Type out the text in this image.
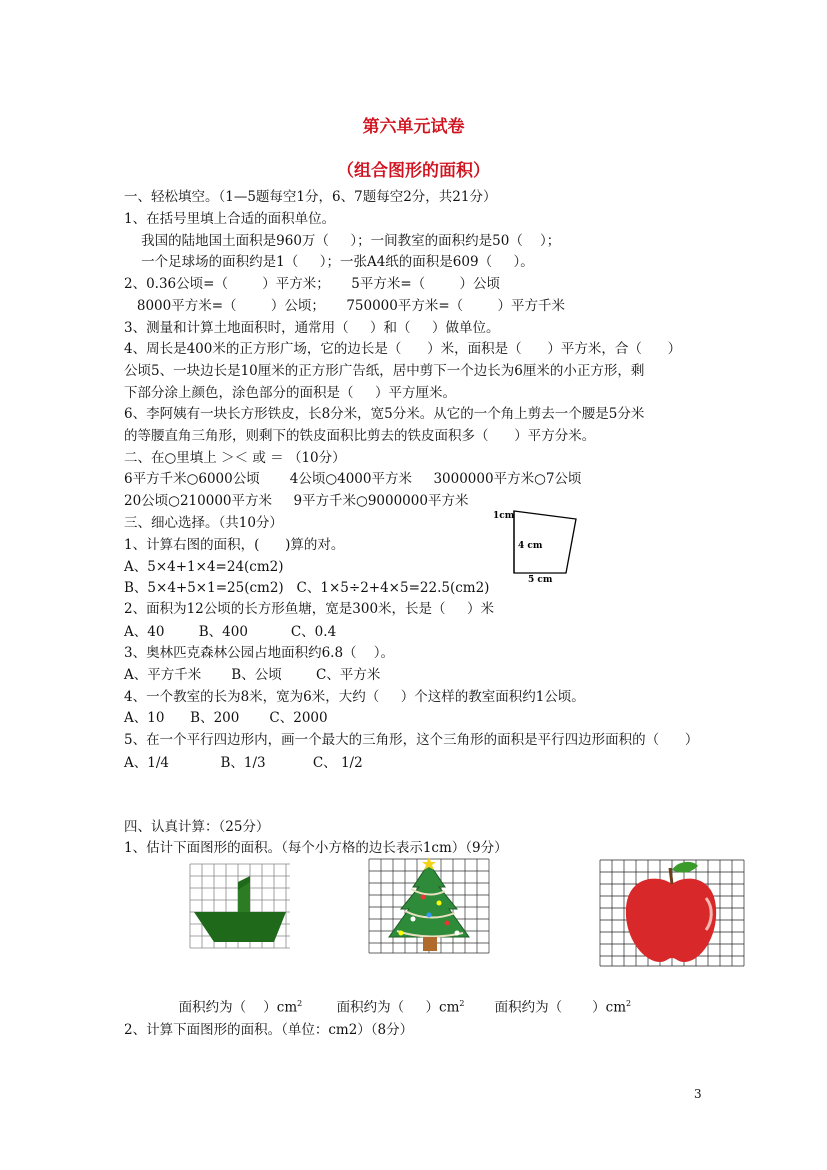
第六单元试卷
（组合图形的面积）
一、轻松填空。（1—5题每空1分，6、7题每空2分，共21分）
1、在括号里填上合适的面积单位。
我国的陆地国土面积是960万（     ）；一间教室的面积约是50（    ）；
一个足球场的面积约是1（     ）；一张A4纸的面积是609（     ）。
2、0.36公顷=（        ）平方米；     5平方米=（        ）公顷
8000平方米=（        ）公顷；     750000平方米=（        ）平方千米
3、测量和计算土地面积时，通常用（     ）和（     ）做单位。
4、周长是400米的正方形广场，它的边长是（      ）米，面积是（      ）平方米，合（      ）
公顷5、一块边长是10厘米的正方形广告纸，居中剪下一个边长为6厘米的小正方形，剩
下部分涂上颜色，涂色部分的面积是（     ）平方厘米。
6、李阿姨有一块长方形铁皮，长8分米，宽5分米。从它的一个角上剪去一个腰是5分米
的等腰直角三角形，则剩下的铁皮面积比剪去的铁皮面积多（      ）平方分米。
二、在○里填上 ＞＜ 或 ＝ （10分）
6平方千米○6000公顷       4公顷○4000平方米     3000000平方米○7公顷
20公顷○210000平方米     9平方千米○9000000平方米
三、细心选择。（共10分）
1、计算右图的面积，(      )算的对。
A、5×4+1×4=24(cm2)
B、5×4+5×1=25(cm2)   C、1×5÷2+4×5=22.5(cm2)
2、面积为12公顷的长方形鱼塘，宽是300米，长是（     ）米
A、40        B、400          C、0.4
3、奥林匹克森林公园占地面积约6.8（    ）。
A、平方千米       B、公顷        C、平方米
4、一个教室的长为8米，宽为6米，大约（     ）个这样的教室面积约1公顷。
A、10      B、200       C、2000
5、在一个平行四边形内，画一个最大的三角形，这个三角形的面积是平行四边形面积的（      ）
A、1/4            B、1/3           C、 1/2
1cm
4 cm
5 cm
四、认真计算：（25分）
1、估计下面图形的面积。（每个小方格的边长表示1cm）（9分）

面积约为（    ）$cm^2$	面积约为（     ）$cm^2$	面积约为（       ）$cm^2$

2、计算下面图形的面积。（单位：cm2）（8分）
3
